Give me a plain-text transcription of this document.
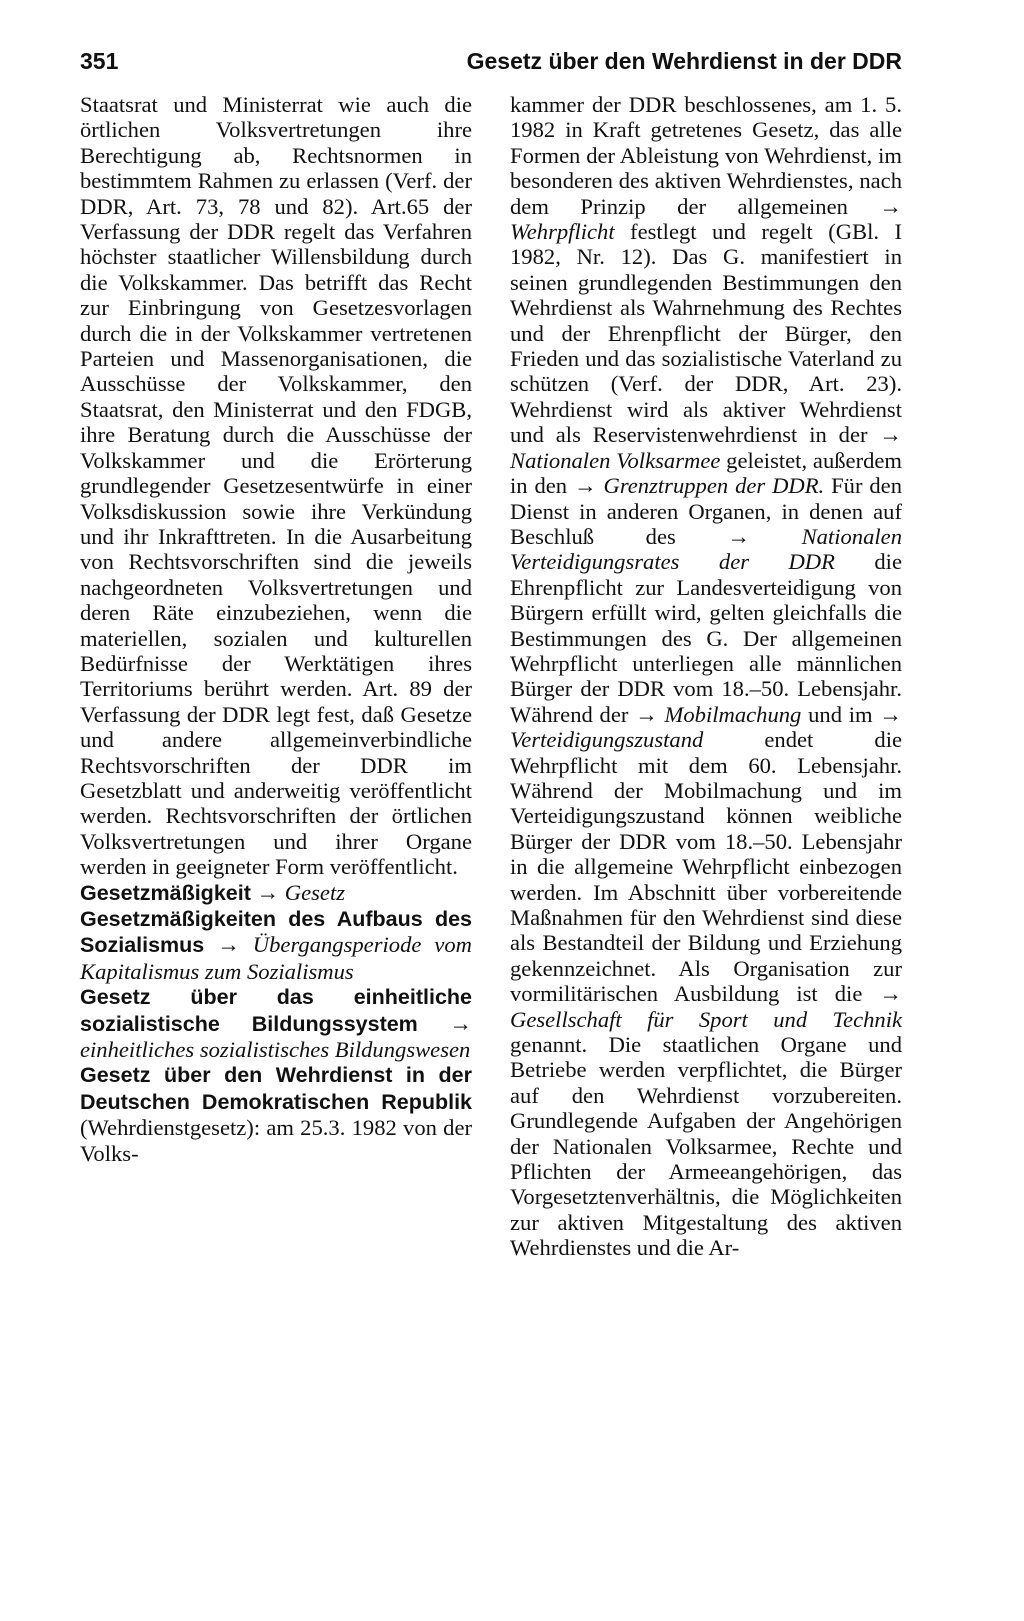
351	Gesetz über den Wehrdienst in der DDR

Staatsrat und Ministerrat wie auch die örtlichen Volksvertretungen ihre Berechtigung ab, Rechtsnormen in bestimmtem Rahmen zu erlassen (Verf. der DDR, Art. 73, 78 und 82). Art.65 der Verfassung der DDR regelt das Verfahren höchster staatlicher Willensbildung durch die Volkskammer. Das betrifft das Recht zur Einbringung von Gesetzesvorlagen durch die in der Volkskammer vertretenen Parteien und Massenorganisationen, die Ausschüsse der Volkskammer, den Staatsrat, den Ministerrat und den FDGB, ihre Beratung durch die Ausschüsse der Volkskammer und die Erörterung grundlegender Gesetzesentwürfe in einer Volksdiskussion sowie ihre Verkündung und ihr Inkrafttreten. In die Ausarbeitung von Rechtsvorschriften sind die jeweils nachgeordneten Volksvertretungen und deren Räte einzubeziehen, wenn die materiellen, sozialen und kulturellen Bedürfnisse der Werktätigen ihres Territoriums berührt werden. Art. 89 der Verfassung der DDR legt fest, daß Gesetze und andere allgemeinverbindliche Rechtsvorschriften der DDR im Gesetzblatt und anderweitig veröffentlicht werden. Rechtsvorschriften der örtlichen Volksvertretungen und ihrer Organe werden in geeigneter Form veröffentlicht.

Gesetzmäßigkeit → Gesetz

Gesetzmäßigkeiten des Aufbaus des Sozialismus → Übergangsperiode vom Kapitalismus zum Sozialismus

Gesetz über das einheitliche sozialistische Bildungssystem → einheitliches sozialistisches Bildungswesen

Gesetz über den Wehrdienst in der Deutschen Demokratischen Republik (Wehrdienstgesetz): am 25.3. 1982 von der Volks-

kammer der DDR beschlossenes, am 1. 5. 1982 in Kraft getretenes Gesetz, das alle Formen der Ableistung von Wehrdienst, im besonderen des aktiven Wehrdienstes, nach dem Prinzip der allgemeinen → Wehrpflicht festlegt und regelt (GBl. I 1982, Nr. 12). Das G. manifestiert in seinen grundlegenden Bestimmungen den Wehrdienst als Wahrnehmung des Rechtes und der Ehrenpflicht der Bürger, den Frieden und das sozialistische Vaterland zu schützen (Verf. der DDR, Art. 23). Wehrdienst wird als aktiver Wehrdienst und als Reservistenwehrdienst in der → Nationalen Volksarmee geleistet, außerdem in den → Grenztruppen der DDR. Für den Dienst in anderen Organen, in denen auf Beschluß des → Nationalen Verteidigungsrates der DDR die Ehrenpflicht zur Landesverteidigung von Bürgern erfüllt wird, gelten gleichfalls die Bestimmungen des G. Der allgemeinen Wehrpflicht unterliegen alle männlichen Bürger der DDR vom 18.–50. Lebensjahr. Während der → Mobilmachung und im → Verteidigungszustand endet die Wehrpflicht mit dem 60. Lebensjahr. Während der Mobilmachung und im Verteidigungszustand können weibliche Bürger der DDR vom 18.–50. Lebensjahr in die allgemeine Wehrpflicht einbezogen werden. Im Abschnitt über vorbereitende Maßnahmen für den Wehrdienst sind diese als Bestandteil der Bildung und Erziehung gekennzeichnet. Als Organisation zur vormilitärischen Ausbildung ist die → Gesellschaft für Sport und Technik genannt. Die staatlichen Organe und Betriebe werden verpflichtet, die Bürger auf den Wehrdienst vorzubereiten. Grundlegende Aufgaben der Angehörigen der Nationalen Volksarmee, Rechte und Pflichten der Armeeangehörigen, das Vorgesetztenverhältnis, die Möglichkeiten zur aktiven Mitgestaltung des aktiven Wehrdienstes und die Ar-
